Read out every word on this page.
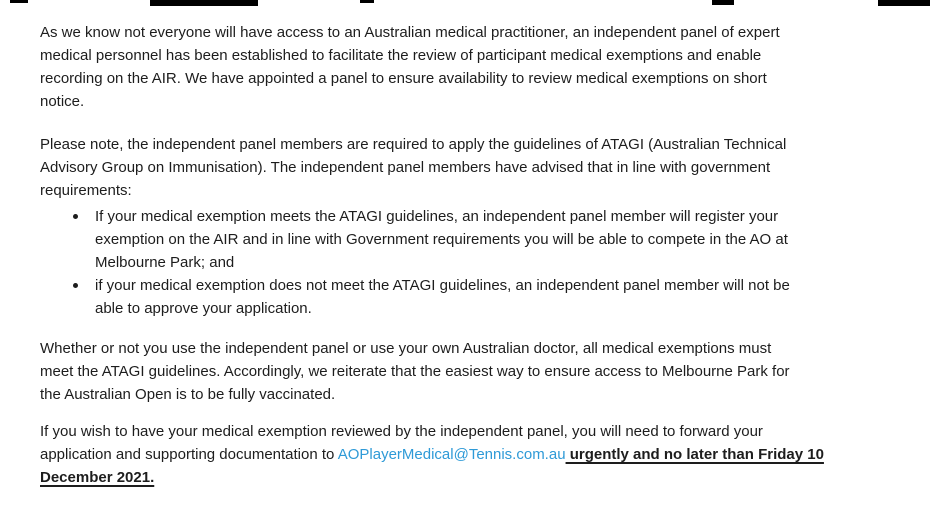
As we know not everyone will have access to an Australian medical practitioner, an independent panel of expert
medical personnel has been established to facilitate the review of participant medical exemptions and enable
recording on the AIR. We have appointed a panel to ensure availability to review medical exemptions on short
notice.
Please note, the independent panel members are required to apply the guidelines of ATAGI (Australian Technical
Advisory Group on Immunisation). The independent panel members have advised that in line with government
requirements:
If your medical exemption meets the ATAGI guidelines, an independent panel member will register your
exemption on the AIR and in line with Government requirements you will be able to compete in the AO at
Melbourne Park; and
if your medical exemption does not meet the ATAGI guidelines, an independent panel member will not be
able to approve your application.
Whether or not you use the independent panel or use your own Australian doctor, all medical exemptions must
meet the ATAGI guidelines. Accordingly, we reiterate that the easiest way to ensure access to Melbourne Park for
the Australian Open is to be fully vaccinated.
If you wish to have your medical exemption reviewed by the independent panel, you will need to forward your
application and supporting documentation to AOPlayerMedical@Tennis.com.au urgently and no later than Friday 10
December 2021.
